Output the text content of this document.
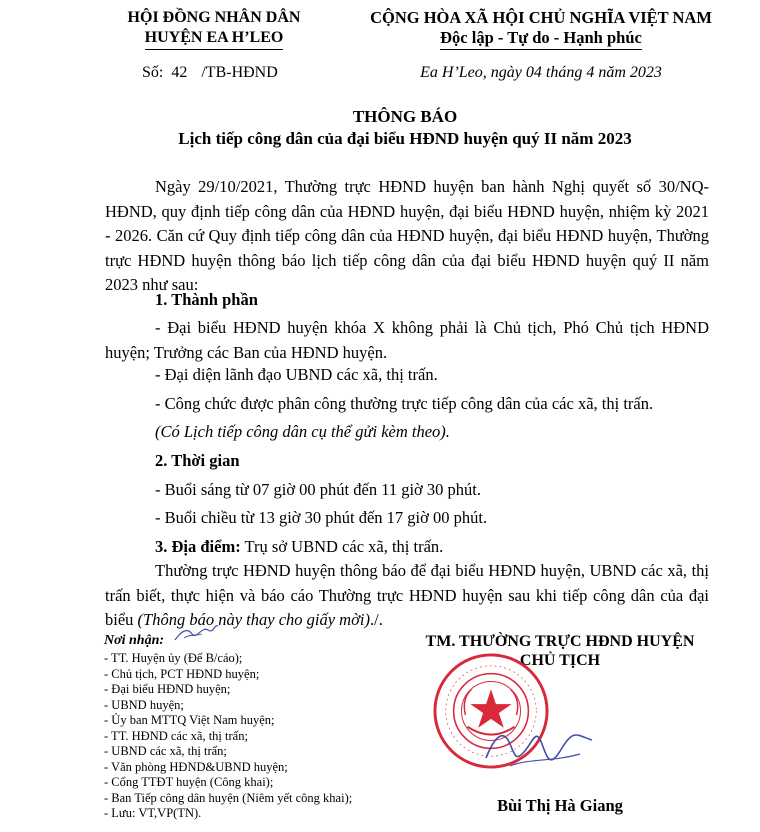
HỘI ĐỒNG NHÂN DÂN
HUYỆN EA H’LEO
Số: 42 /TB-HĐND
CỘNG HÒA XÃ HỘI CHỦ NGHĨA VIỆT NAM
Độc lập - Tự do - Hạnh phúc
Ea H’Leo, ngày 04 tháng 4 năm 2023
THÔNG BÁO
Lịch tiếp công dân của đại biểu HĐND huyện quý II năm 2023
Ngày 29/10/2021, Thường trực HĐND huyện ban hành Nghị quyết số 30/NQ-HĐND, quy định tiếp công dân của HĐND huyện, đại biểu HĐND huyện, nhiệm kỳ 2021 - 2026. Căn cứ Quy định tiếp công dân của HĐND huyện, đại biểu HĐND huyện, Thường trực HĐND huyện thông báo lịch tiếp công dân của đại biểu HĐND huyện quý II năm 2023 như sau:
1. Thành phần
- Đại biểu HĐND huyện khóa X không phải là Chủ tịch, Phó Chủ tịch HĐND huyện; Trưởng các Ban của HĐND huyện.
- Đại diện lãnh đạo UBND các xã, thị trấn.
- Công chức được phân công thường trực tiếp công dân của các xã, thị trấn.
(Có Lịch tiếp công dân cụ thể gửi kèm theo).
2. Thời gian
- Buổi sáng từ 07 giờ 00 phút đến 11 giờ 30 phút.
- Buổi chiều từ 13 giờ 30 phút đến 17 giờ 00 phút.
3. Địa điểm: Trụ sở UBND các xã, thị trấn.
Thường trực HĐND huyện thông báo để đại biểu HĐND huyện, UBND các xã, thị trấn biết, thực hiện và báo cáo Thường trực HĐND huyện sau khi tiếp công dân của đại biểu (Thông báo này thay cho giấy mời)./.
Nơi nhận:
- TT. Huyện ủy (Để B/cáo);
- Chủ tịch, PCT HĐND huyện;
- Đại biểu HĐND huyện;
- UBND huyện;
- Ủy ban MTTQ Việt Nam huyện;
- TT. HĐND các xã, thị trấn;
- UBND các xã, thị trấn;
- Văn phòng HĐND&UBND huyện;
- Cổng TTĐT huyện (Công khai);
- Ban Tiếp công dân huyện (Niêm yết công khai);
- Lưu: VT,VP(TN).
TM. THƯỜNG TRỰC HĐND HUYỆN
CHỦ TỊCH
Bùi Thị Hà Giang
